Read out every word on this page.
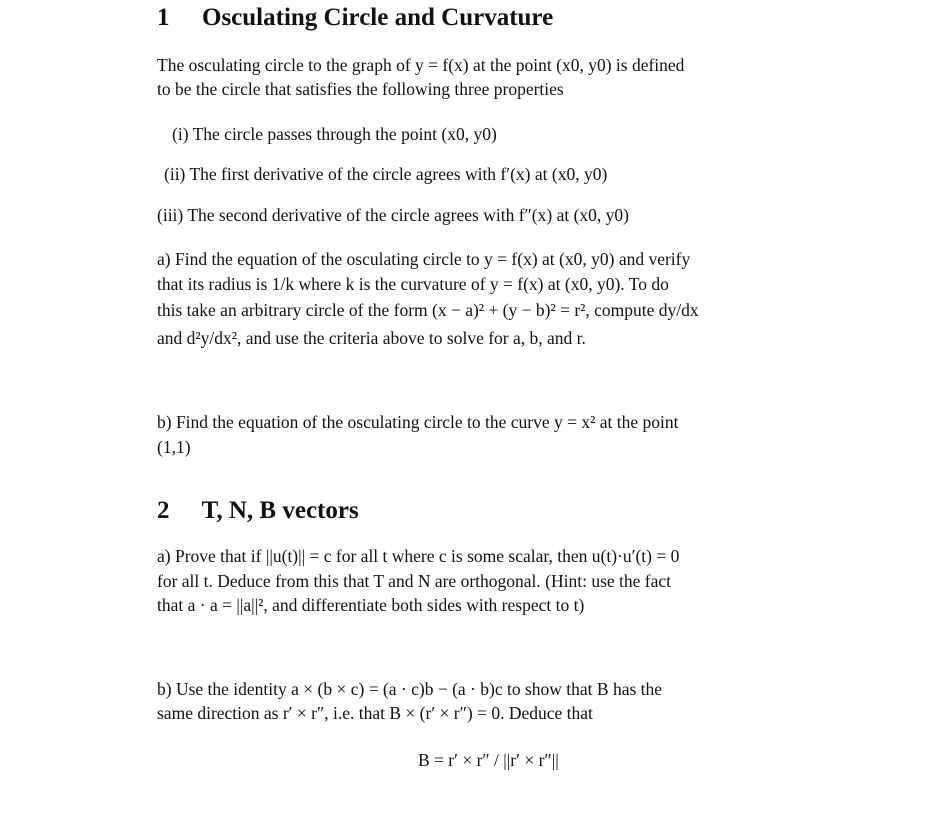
1 Osculating Circle and Curvature
The osculating circle to the graph of y = f(x) at the point (x0, y0) is defined
to be the circle that satisfies the following three properties
(i) The circle passes through the point (x0, y0)
(ii) The first derivative of the circle agrees with f′(x) at (x0, y0)
(iii) The second derivative of the circle agrees with f″(x) at (x0, y0)
a) Find the equation of the osculating circle to y = f(x) at (x0, y0) and verify
that its radius is 1/k where k is the curvature of y = f(x) at (x0, y0). To do
this take an arbitrary circle of the form (x − a)² + (y − b)² = r², compute dy/dx
and d²y/dx², and use the criteria above to solve for a, b, and r.
b) Find the equation of the osculating circle to the curve y = x² at the point
(1,1)
2 T, N, B vectors
a) Prove that if ||u(t)|| = c for all t where c is some scalar, then u(t)·u′(t) = 0
for all t. Deduce from this that T and N are orthogonal. (Hint: use the fact
that a · a = ||a||², and differentiate both sides with respect to t)
b) Use the identity a × (b × c) = (a · c)b − (a · b)c to show that B has the
same direction as r′ × r″, i.e. that B × (r′ × r″) = 0. Deduce that
B = r′ × r″ / ||r′ × r″||
